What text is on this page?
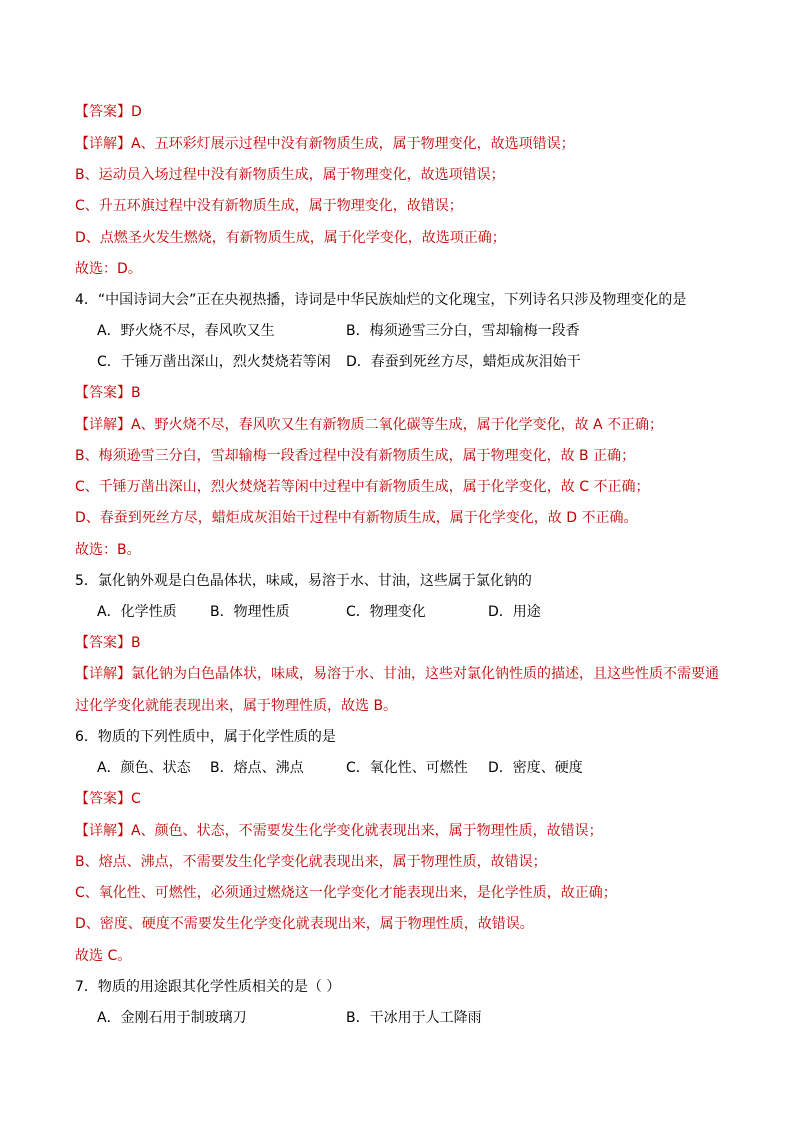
【答案】D
【详解】A、五环彩灯展示过程中没有新物质生成，属于物理变化，故选项错误；
B、运动员入场过程中没有新物质生成，属于物理变化，故选项错误；
C、升五环旗过程中没有新物质生成，属于物理变化，故错误；
D、点燃圣火发生燃烧，有新物质生成，属于化学变化，故选项正确；
故选：D。
4．“中国诗词大会”正在央视热播，诗词是中华民族灿烂的文化瑰宝，下列诗名只涉及物理变化的是
A．野火烧不尽，春风吹又生	B．梅须逊雪三分白，雪却输梅一段香
C．千锤万凿出深山，烈火焚烧若等闲 D．春蚕到死丝方尽，蜡炬成灰泪始干
【答案】B
【详解】A、野火烧不尽，春风吹又生有新物质二氧化碳等生成，属于化学变化，故 A 不正确；
B、梅须逊雪三分白，雪却输梅一段香过程中没有新物质生成，属于物理变化，故 B 正确；
C、千锤万凿出深山，烈火焚烧若等闲中过程中有新物质生成，属于化学变化，故 C 不正确；
D、春蚕到死丝方尽，蜡炬成灰泪始干过程中有新物质生成，属于化学变化，故 D 不正确。
故选：B。
5．氯化钠外观是白色晶体状，味咸，易溶于水、甘油，这些属于氯化钠的
A．化学性质 B．物理性质	C．物理变化	D．用途
【答案】B
【详解】氯化钠为白色晶体状，味咸，易溶于水、甘油，这些对氯化钠性质的描述，且这些性质不需要通
过化学变化就能表现出来，属于物理性质，故选 B。
6．物质的下列性质中，属于化学性质的是
A．颜色、状态 B．熔点、沸点	C．氧化性、可燃性 D．密度、硬度
【答案】C
【详解】A、颜色、状态，不需要发生化学变化就表现出来，属于物理性质，故错误；
B、熔点、沸点，不需要发生化学变化就表现出来，属于物理性质，故错误；
C、氧化性、可燃性，必须通过燃烧这一化学变化才能表现出来，是化学性质，故正确；
D、密度、硬度不需要发生化学变化就表现出来，属于物理性质，故错误。
故选 C。
7．物质的用途跟其化学性质相关的是（ ）
A．金刚石用于制玻璃刀	B．干冰用于人工降雨
